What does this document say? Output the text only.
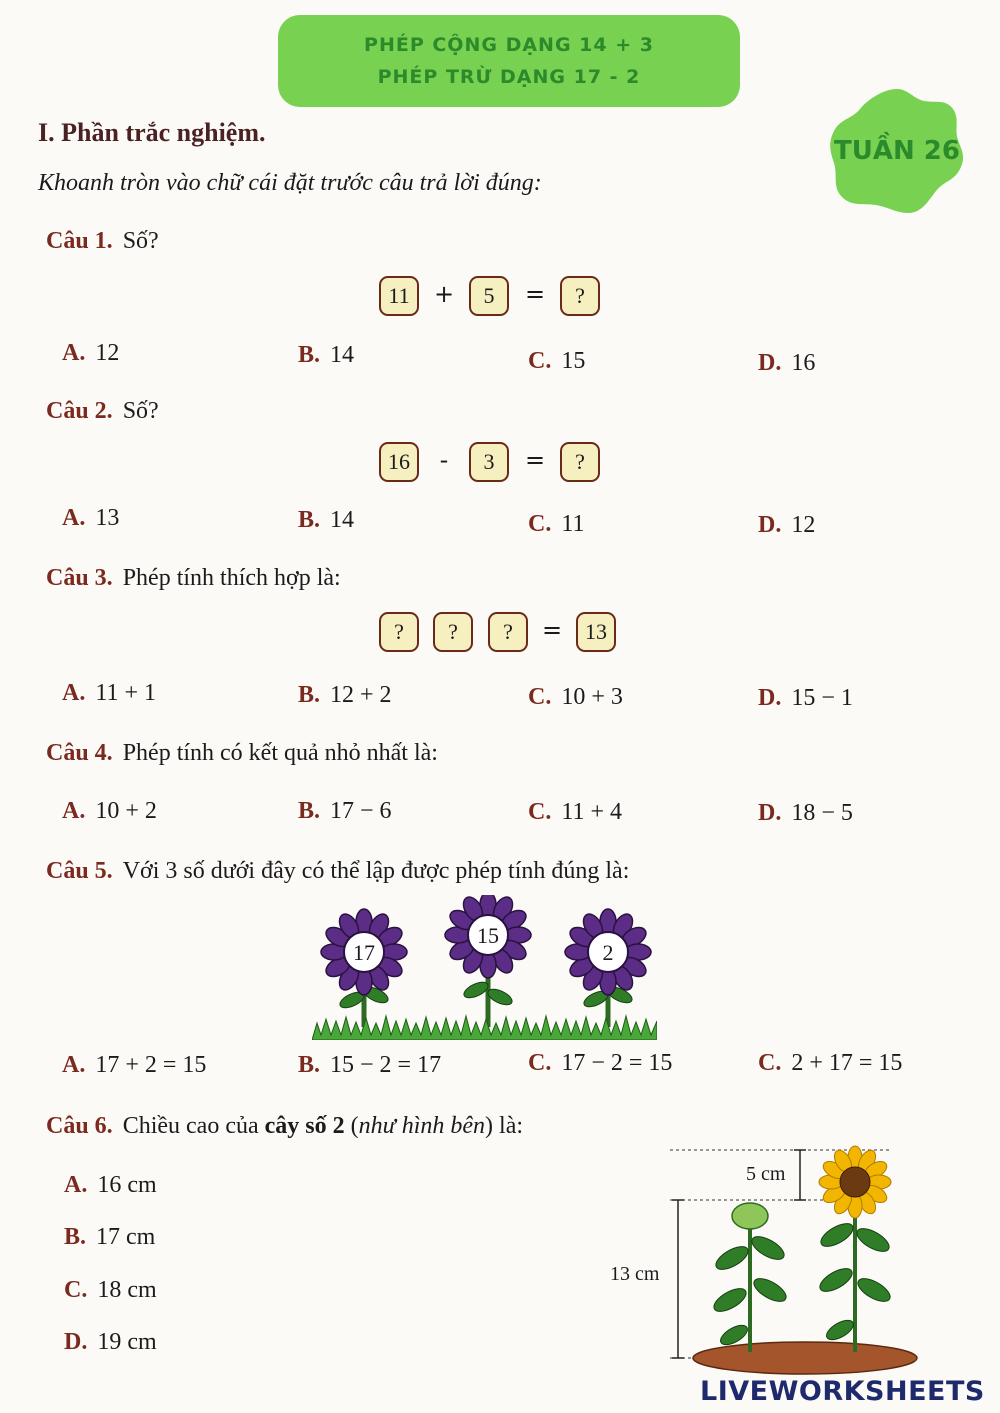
PHÉP CỘNG DẠNG 14 + 3
PHÉP TRỪ DẠNG 17 - 2
TUẦN 26
I. Phần trắc nghiệm.
Khoanh tròn vào chữ cái đặt trước câu trả lời đúng:
Câu 1. Số?
11	+	5	=	?
A. 12	B. 14	C. 15	D. 16
Câu 2. Số?
16	-	3	=	?
A. 13	B. 14	C. 11	D. 12
Câu 3. Phép tính thích hợp là:
?	?	?	=	13
A. 11 + 1	B. 12 + 2	C. 10 + 3	D. 15 − 1
Câu 4. Phép tính có kết quả nhỏ nhất là:
A. 10 + 2	B. 17 − 6	C. 11 + 4	D. 18 − 5
Câu 5. Với 3 số dưới đây có thể lập được phép tính đúng là:
17
15
2
A. 17 + 2 = 15	B. 15 − 2 = 17	C. 17 − 2 = 15	C. 2 + 17 = 15
Câu 6. Chiều cao của cây số 2 (như hình bên) là:
A. 16 cm
B. 17 cm
C. 18 cm
D. 19 cm
5 cm
13 cm
LIVEWORKSHEETS
